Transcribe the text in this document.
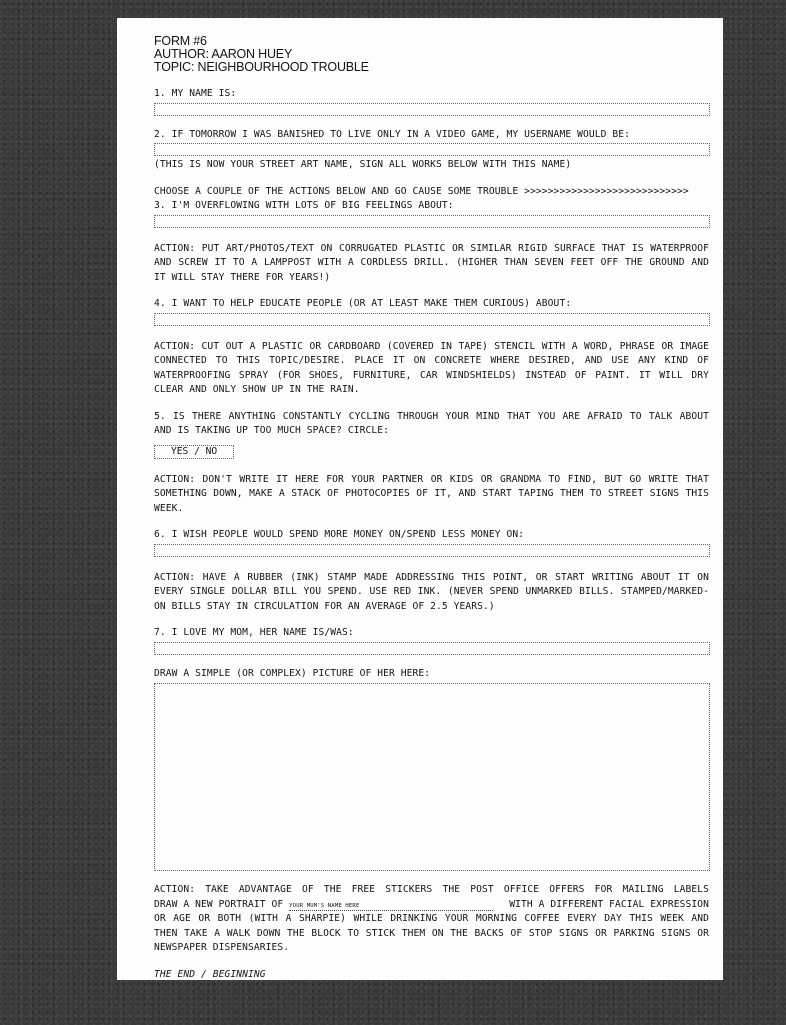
FORM #6
AUTHOR: AARON HUEY
TOPIC: NEIGHBOURHOOD TROUBLE
1. MY NAME IS:
2. IF TOMORROW I WAS BANISHED TO LIVE ONLY IN A VIDEO GAME, MY USERNAME WOULD BE:
(THIS IS NOW YOUR STREET ART NAME, SIGN ALL WORKS BELOW WITH THIS NAME)
CHOOSE A COUPLE OF THE ACTIONS BELOW AND GO CAUSE SOME TROUBLE >>>>>>>>>>>>>>>>>>>>>>>>>>>>
3. I'M OVERFLOWING WITH LOTS OF BIG FEELINGS ABOUT:
ACTION: PUT ART/PHOTOS/TEXT ON CORRUGATED PLASTIC OR SIMILAR RIGID SURFACE THAT IS WATERPROOF AND SCREW IT TO A LAMPPOST WITH A CORDLESS DRILL. (HIGHER THAN SEVEN FEET OFF THE GROUND AND IT WILL STAY THERE FOR YEARS!)
4. I WANT TO HELP EDUCATE PEOPLE (OR AT LEAST MAKE THEM CURIOUS) ABOUT:
ACTION: CUT OUT A PLASTIC OR CARDBOARD (COVERED IN TAPE) STENCIL WITH A WORD, PHRASE OR IMAGE CONNECTED TO THIS TOPIC/DESIRE. PLACE IT ON CONCRETE WHERE DESIRED, AND USE ANY KIND OF WATERPROOFING SPRAY (FOR SHOES, FURNITURE, CAR WINDSHIELDS) INSTEAD OF PAINT. IT WILL DRY CLEAR AND ONLY SHOW UP IN THE RAIN.
5. IS THERE ANYTHING CONSTANTLY CYCLING THROUGH YOUR MIND THAT YOU ARE AFRAID TO TALK ABOUT AND IS TAKING UP TOO MUCH SPACE? CIRCLE:
YES / NO
ACTION: DON'T WRITE IT HERE FOR YOUR PARTNER OR KIDS OR GRANDMA TO FIND, BUT GO WRITE THAT SOMETHING DOWN, MAKE A STACK OF PHOTOCOPIES OF IT, AND START TAPING THEM TO STREET SIGNS THIS WEEK.
6. I WISH PEOPLE WOULD SPEND MORE MONEY ON/SPEND LESS MONEY ON:
ACTION: HAVE A RUBBER (INK) STAMP MADE ADDRESSING THIS POINT, OR START WRITING ABOUT IT ON EVERY SINGLE DOLLAR BILL YOU SPEND. USE RED INK. (NEVER SPEND UNMARKED BILLS. STAMPED/MARKED-ON BILLS STAY IN CIRCULATION FOR AN AVERAGE OF 2.5 YEARS.)
7. I LOVE MY MOM, HER NAME IS/WAS:
DRAW A SIMPLE (OR COMPLEX) PICTURE OF HER HERE:
ACTION: TAKE ADVANTAGE OF THE FREE STICKERS THE POST OFFICE OFFERS FOR MAILING LABELS
DRAW A NEW PORTRAIT OF YOUR MUM'S NAME HERE	WITH A DIFFERENT FACIAL EXPRESSION
OR AGE OR BOTH (WITH A SHARPIE) WHILE DRINKING YOUR MORNING COFFEE EVERY DAY THIS WEEK AND THEN TAKE A WALK DOWN THE BLOCK TO STICK THEM ON THE BACKS OF STOP SIGNS OR PARKING SIGNS OR NEWSPAPER DISPENSARIES.
THE END / BEGINNING
